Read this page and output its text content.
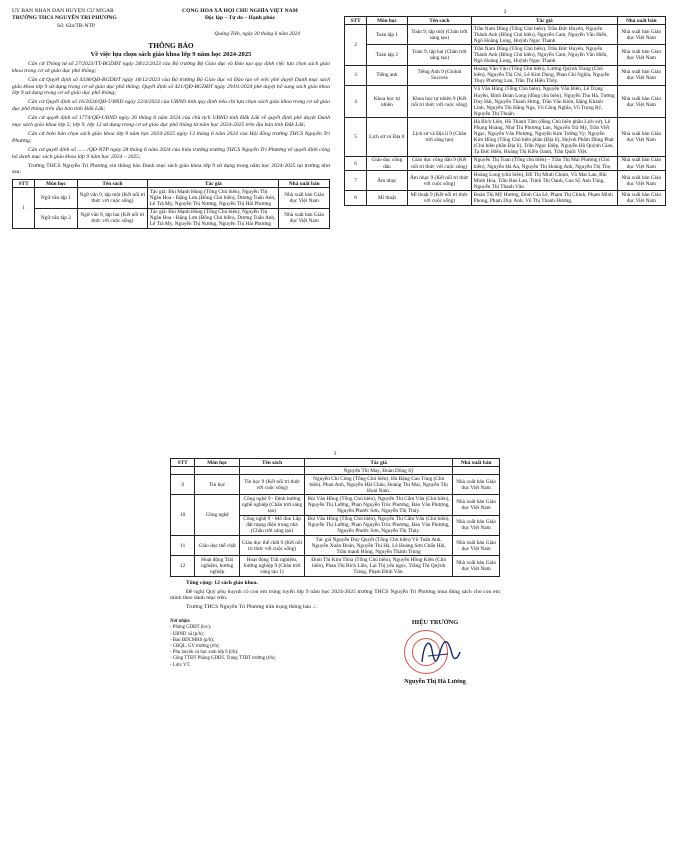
ỦY BAN NHÂN DÂN HUYỆN CƯ M'GAR
TRƯỜNG THCS NGUYỄN TRI PHƯƠNG
Số: 62a/TB-NTP
CỘNG HÒA XÃ HỘI CHỦ NGHĨA VIỆT NAM
Độc lập – Tự do – Hạnh phúc
Quảng Tiến, ngày 30 tháng 6 năm 2024
THÔNG BÁO
Về việc lựa chọn sách giáo khoa lớp 9 năm học 2024-2025
Căn cứ Thông tư số 27/2023/TT-BGDĐT ngày 28/12/2023 của Bộ trưởng Bộ Giáo dục và Đào tạo quy định việc lựa chọn sách giáo khoa trong cơ sở giáo dục phổ thông;
Căn cứ Quyết định số 4338/QĐ-BGDĐT ngày 18/12/2023 của Bộ trưởng Bộ Giáo dục và Đào tạo về việc phê duyệt Danh mục sách giáo khoa lớp 9 sử dụng trong cơ sở giáo dục phổ thông; Quyết định số 421/QĐ-BGDĐT ngày 29/01/2024 phê duyệt bổ sung sách giáo khoa lớp 9 sử dụng trong cơ sở giáo dục phổ thông;
Căn cứ Quyết định số 16/2024/QĐ-UBND ngày 22/4/2024 của UBND tỉnh quy định tiêu chí lựa chọn sách giáo khoa trong cơ sở giáo dục phổ thông trên địa bàn tỉnh Đắk Lắk;
Căn cứ quyết định số 1774/QĐ-UBND ngày 26 tháng 6 năm 2024 của chủ tịch UBND tỉnh Đắk Lắk về quyết định phê duyệt Danh mục sách giáo khoa lớp 5; lớp 9, lớp 12 sử dụng trong cơ sở giáo dục phổ thông từ năm học 2024-2025 trên địa bàn tỉnh Đắk Lắk;
Căn cứ biên bản chọn sách giáo khoa lớp 9 năm học 2024-2025 ngày 13 tháng 6 năm 2024 của Hội đồng trường THCS Nguyễn Tri Phương;
Căn cứ quyết định số ......./QĐ-NTP ngày 28 tháng 6 năm 2024 của hiệu trưởng trường THCS Nguyễn Tri Phương về quyết định công bố danh mục sách giáo khoa lớp 9 năm học 2024 – 2025;
Trường THCS Nguyễn Tri Phương xin thông báo Danh mục sách giáo khoa lớp 9 sử dụng trong năm học 2024-2025 tại trường như sau:
STT	Môn học	Tên sách	Tác giả	Nhà xuất bản
1	Ngữ văn tập 1	Ngữ văn 9, tập một (Kết nối tri thức với cuộc sống)	Tác giả: Bùi Mạnh Hùng (Tổng Chủ biên), Nguyễn Thị Ngân Hoa - Đặng Lưu (Đồng Chủ biên), Dương Tuấn Anh, Lê Trà My, Nguyễn Thị Nương, Nguyễn Thị Hải Phương	Nhà xuất bản Giáo dục Việt Nam
	Ngữ văn tập 2	Ngữ văn 9, tập hai (Kết nối tri thức với cuộc sống)	Tác giả: Bùi Mạnh Hùng (Tổng Chủ biên), Nguyễn Thị Ngân Hoa - Đặng Lưu (Đồng Chủ biên), Dương Tuấn Anh, Lê Trà My, Nguyễn Thị Nương, Nguyễn Thị Hải Phương	Nhà xuất bản Giáo dục Việt Nam
2
STT	Môn học	Tên sách	Tác giả	Nhà xuất bản
2	Toán tập 1	Toán 9, tập một (Chân trời sáng tạo)	Trần Nam Dũng (Tổng Chủ biên), Trần Đức Huyên, Nguyễn Thành Anh (Đồng Chủ biên), Nguyễn Cam, Nguyễn Văn Hiển, Ngô Hoàng Long, Huỳnh Ngọc Thanh	Nhà xuất bản Giáo dục Việt Nam
	Toán tập 2	Toán 9, tập hai (Chân trời sáng tạo)	Trần Nam Dũng (Tổng Chủ biên), Trần Đức Huyên, Nguyễn Thành Anh (Đồng Chủ biên), Nguyễn Cam, Nguyễn Văn Hiển, Ngô Hoàng Long, Huỳnh Ngọc Thanh	Nhà xuất bản Giáo dục Việt Nam
3	Tiếng anh	Tiếng Anh 9 (Global Success	Hoàng Văn Vân (Tổng Chủ biên), Lương Quỳnh Trang (Chủ biên), Nguyễn Thị Chi, Lê Kim Dung, Phan Chí Nghĩa, Nguyễn Thụy Phương Lan, Trần Thị Hiếu Thủy.	Nhà xuất bản Giáo dục Việt Nam
4	Khoa học tự nhiên	Khoa học tự nhiên 9 (Kết nối tri thức với cuộc sống)	Vũ Văn Hùng (Tổng Chủ biên), Nguyễn Văn Biên, Lê Trọng Huyền, Đinh Đoàn Long (đồng chủ biên), Nguyễn Thu Hà, Tưởng Duy Hải, Nguyễn Thanh Hưng, Trần Văn Kiên, Đặng Khánh Linh, Nguyễn Thị Hằng Nga, Vũ Công Nghĩa, Vũ Trọng Rỹ, Nguyễn Thị Thuận.	Nhà xuất bản Giáo dục Việt Nam
5	Lịch sử và Địa lí	Lịch sử và Địa lí 9 (Chân trời sáng tạo)	Hà Bích Liên, Hồ Thanh Tâm (đồng Chủ biên phần Lịch sử), Lê Phụng Hoàng, Như Thị Phương Lan, Nguyễn Trà My, Trần Viết Ngạc, Nguyễn Văn Phượng, Nguyễn Kim Tường Vy; Nguyễn Kim Hồng (Tổng Chủ biên phần (Địa lí), Huỳnh Phẩm Dũng Phát (Chủ biên phần Địa lí), Trần Ngọc Điệp, Nguyễn Hà Quỳnh Giao, Tạ Đức Hiếu, Hoàng Thị Kiều Oanh, Trần Quốc Việt.	Nhà xuất bản Giáo dục Việt Nam
6	Giáo dục công dân	Giáo dục công dân 9 (Kết nối tri thức với cuộc sống)	Nguyễn Thị Toan (Tổng chủ biên) – Trần Thị Mai Phương (Chủ biên), Nguyễn Hà An, Nguyễn Thị Hoàng Anh, Nguyễn Thị Thọ	Nhà xuất bản Giáo dục Việt Nam
7	Âm nhạc	Âm nhạc 9 (Kết nối tri thức với cuộc sống)	Hoàng Long (chủ biên), Đỗ Thị Minh Chính, Vũ Mai Lan, Bùi Minh Hoa, Trần Bảo Lan, Trịnh Thị Oanh, Cao Sỹ Anh Tùng, Nguyễn Thị Thanh Vân	Nhà xuất bản Giáo dục Việt Nam
8	Mĩ thuật	Mĩ thuật 9 (Kết nối tri thức với cuộc sống)	Đoàn Thị Mỹ Hương, Đinh Gia Lê, Phạm Thị Chỉnh, Phạm Minh Phong, Phạm Duy Anh, Vũ Thị Thanh Hương,	Nhà xuất bản Giáo dục Việt Nam
3
STT	Môn học	Tên sách	Tác giả	Nhà xuất bản
			Nguyễn Thị May, Đoàn Dũng Sỹ	
9	Tin học	Tin học 9 (Kết nối tri thức với cuộc sống)	Nguyễn Chí Công (Tổng Chủ biên), Hà Đặng Cao Tùng (Chủ biên), Phan Anh, Nguyễn Hải Châu, Hoàng Thị Mai, Nguyễn Thị Hoài Nam.	Nhà xuất bản Giáo dục Việt Nam
10	Công nghệ	Công nghệ 9 - Định hướng nghề nghiệp (Chân trời sáng tạo)	Bùi Văn Hồng (Tổng Chủ biên), Nguyễn Thị Cẩm Vân (Chủ biên), Nguyễn Thị Lưỡng, Phan Nguyễn Trúc Phương, Đào Văn Phượng, Nguyễn Phước Sơn, Nguyễn Thị Thúy.	Nhà xuất bản Giáo dục Việt Nam
		Công nghệ 9 - Mô đun Lắp đặt mạng điện trong nhà (Chân trời sáng tạo)	Bùi Văn Hồng (Tổng Chủ biên), Nguyễn Thị Cẩm Vân (Chủ biên), Nguyễn Thị Lưỡng, Phan Nguyễn Trúc Phương, Đào Văn Phượng, Nguyễn Phước Sơn, Nguyễn Thị Thủy.	Nhà xuất bản Giáo dục Việt Nam
11	Giáo dục thể chất	Giáo dục thể chất 9 (Kết nối tri thức với cuộc sống)	Tác giả Nguyễn Duy Quyết (Tổng Chủ biên) Vũ Tuấn Anh, Nguyễn Xuân Đoàn, Nguyễn Thị Hà, Lê Hoàng Sơn Chấn Hải, Trần mạnh Hùng, Nguyễn Thành Trung	Nhà xuất bản Giáo dục Việt Nam
12	Hoạt động Trải nghiệm, hướng nghiệp	Hoạt động Trải nghiệm, hướng nghiệp 9 (Chân trời sáng tạo 1)	Đinh Thị Kim Thoa (Tổng Chủ biên), Nguyễn Hồng Kiên (Chủ biên), Phan Thị Bích Liên, Lại Thị yến ngọc, Trắng Thị Quỳnh Trang, Phạm Đình Văn.	Nhà xuất bản Giáo dục Việt Nam
Tổng cộng: 12 sách giáo khoa.
Đề nghị Quý phụ huynh có con em trúng tuyển lớp 9 năm học 2024-2025 trường THCS Nguyễn Tri Phương mua đúng sách cho con em mình theo danh mục trên.
Trường THCS Nguyễn Tri Phương trân trọng thông báo ./.
Nơi nhận:
- Phòng GDĐT (b/c);
- UBND xã (p/h);
- Ban ĐDCMHS (p/h);
- CBQL, GV trường (t/h);
- Phụ huynh và học sinh lớp 9 (t/h);
- Cổng TTĐT Phòng GDĐT, Trang TTĐT trường (t/h);
- Lưu: VT.
HIỆU TRƯỞNG
Nguyễn Thị Hà Lương
